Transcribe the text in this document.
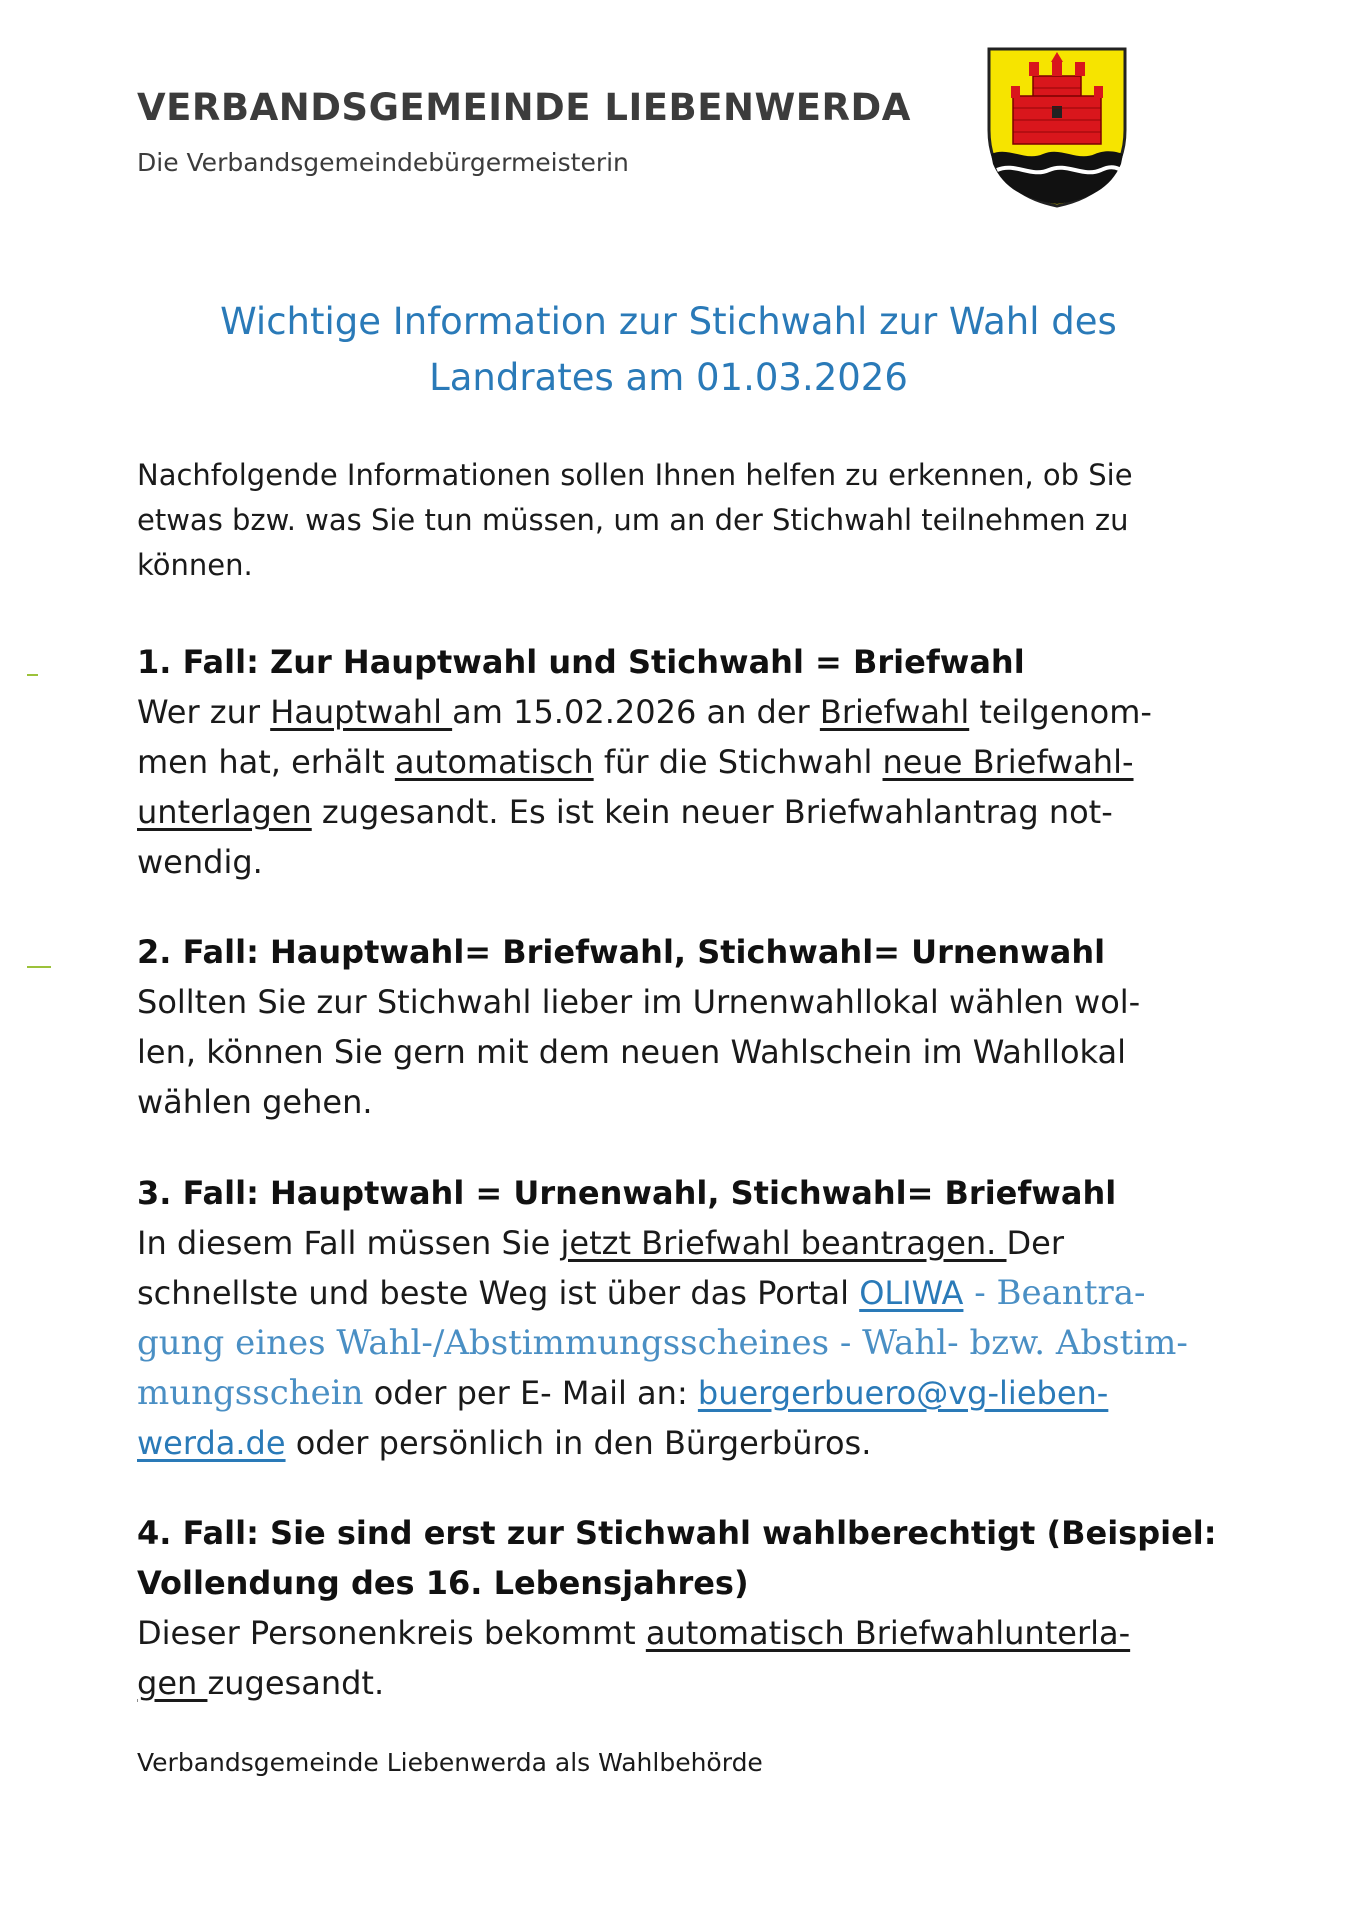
VERBANDSGEMEINDE LIEBENWERDA
Die Verbandsgemeindebürgermeisterin
Wichtige Information zur Stichwahl zur Wahl des
Landrates am 01.03.2026
Nachfolgende Informationen sollen Ihnen helfen zu erkennen, ob Sie etwas bzw. was Sie tun müssen, um an der Stichwahl teilnehmen zu können.
1. Fall: Zur Hauptwahl und Stichwahl = Briefwahl

Wer zur Hauptwahl am 15.02.2026 an der Briefwahl teilgenom-
men hat, erhält automatisch für die Stichwahl neue Briefwahl-
unterlagen zugesandt. Es ist kein neuer Briefwahlantrag not-
wendig.

2. Fall: Hauptwahl= Briefwahl, Stichwahl= Urnenwahl

Sollten Sie zur Stichwahl lieber im Urnenwahllokal wählen wol-
len, können Sie gern mit dem neuen Wahlschein im Wahllokal
wählen gehen.

3. Fall: Hauptwahl = Urnenwahl, Stichwahl= Briefwahl

In diesem Fall müssen Sie jetzt Briefwahl beantragen. Der
schnellste und beste Weg ist über das Portal OLIWA - Beantra-
gung eines Wahl-/Abstimmungsscheines - Wahl- bzw. Abstim-
mungsschein oder per E- Mail an: buergerbuero@vg-lieben-
werda.de oder persönlich in den Bürgerbüros.

4. Fall: Sie sind erst zur Stichwahl wahlberechtigt (Beispiel:
Vollendung des 16. Lebensjahres)

Dieser Personenkreis bekommt automatisch Briefwahlunterla-
gen zugesandt.

Verbandsgemeinde Liebenwerda als Wahlbehörde
